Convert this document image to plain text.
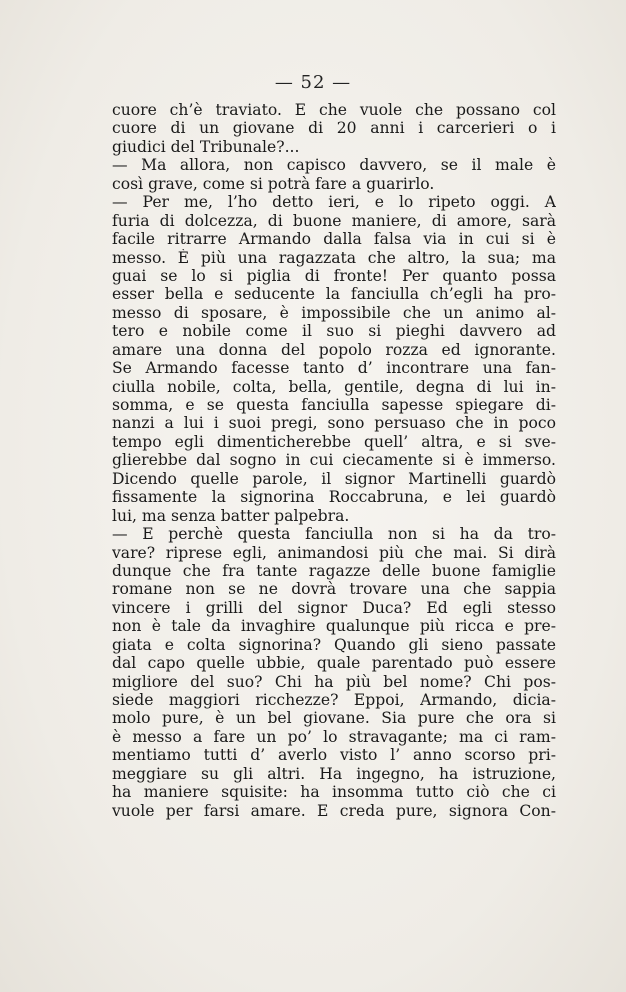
— 52 —
cuore ch’è traviato. E che vuole che possano col
cuore di un giovane di 20 anni i carcerieri o i
giudici del Tribunale?...
— Ma allora, non capisco davvero, se il male è
così grave, come si potrà fare a guarirlo.
— Per me, l’ho detto ieri, e lo ripeto oggi. A
furia di dolcezza, di buone maniere, di amore, sarà
facile ritrarre Armando dalla falsa via in cui si è
messo. È più una ragazzata che altro, la sua; ma
guai se lo si piglia di fronte! Per quanto possa
esser bella e seducente la fanciulla ch’egli ha pro-
messo di sposare, è impossibile che un animo al-
tero e nobile come il suo si pieghi davvero ad
amare una donna del popolo rozza ed ignorante.
Se Armando facesse tanto d’ incontrare una fan-
ciulla nobile, colta, bella, gentile, degna di lui in-
somma, e se questa fanciulla sapesse spiegare di-
nanzi a lui i suoi pregi, sono persuaso che in poco
tempo egli dimenticherebbe quell’ altra, e si sve-
glierebbe dal sogno in cui ciecamente si è immerso.
Dicendo quelle parole, il signor Martinelli guardò
fissamente la signorina Roccabruna, e lei guardò
lui, ma senza batter palpebra.
— E perchè questa fanciulla non si ha da tro-
vare? riprese egli, animandosi più che mai. Si dirà
dunque che fra tante ragazze delle buone famiglie
romane non se ne dovrà trovare una che sappia
vincere i grilli del signor Duca? Ed egli stesso
non è tale da invaghire qualunque più ricca e pre-
giata e colta signorina? Quando gli sieno passate
dal capo quelle ubbie, quale parentado può essere
migliore del suo? Chi ha più bel nome? Chi pos-
siede maggiori ricchezze? Eppoi, Armando, dicia-
molo pure, è un bel giovane. Sia pure che ora si
è messo a fare un po’ lo stravagante; ma ci ram-
mentiamo tutti d’ averlo visto l’ anno scorso pri-
meggiare su gli altri. Ha ingegno, ha istruzione,
ha maniere squisite: ha insomma tutto ciò che ci
vuole per farsi amare. E creda pure, signora Con-
